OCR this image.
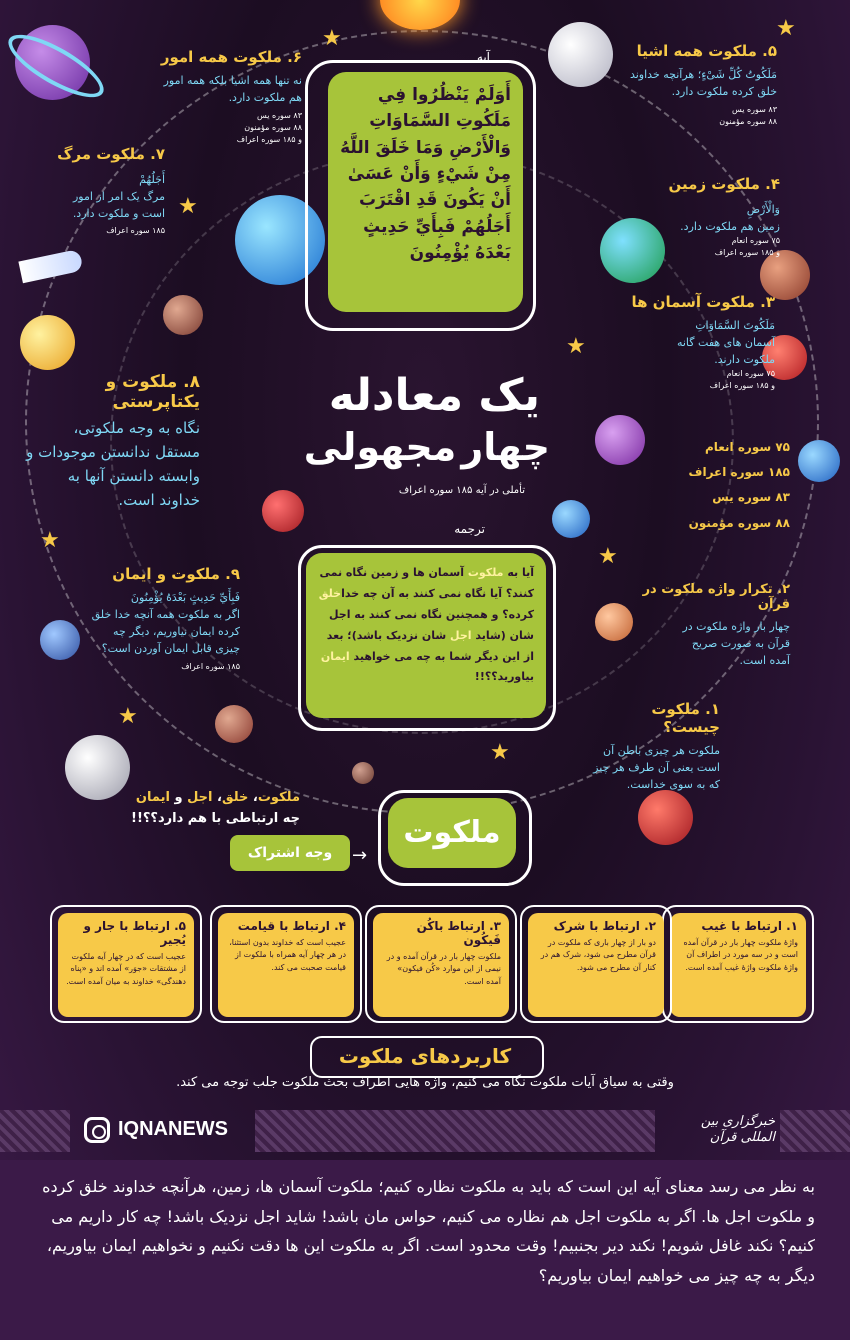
★	★
★
★
★
★
★
★
آیه
أَوَلَمْ يَنْظُرُوا فِي مَلَكُوتِ السَّمَاوَاتِ وَالْأَرْضِ وَمَا خَلَقَ اللَّهُ مِنْ شَيْءٍ وَأَنْ عَسَىٰ أَنْ يَكُونَ قَدِ اقْتَرَبَ أَجَلُهُمْ فَبِأَيِّ حَدِيثٍ بَعْدَهُ يُؤْمِنُونَ
۶. ملکوت همه امور
نه تنها همه اشیا بلکه همه امور هم ملکوت دارد.
۸۳ سوره یس
۸۸ سوره مؤمنون
و ۱۸۵ سوره اعراف
۵. ملکوت همه اشیا
مَلَکُوتُ کُلِّ شَیْءٍ؛ هرآنچه خداوند خلق کرده ملکوت دارد.
۸۳ سوره یس
۸۸ سوره مؤمنون
۷. ملکوت مرگ
أَجَلُهُمْ
مرگ یک امر از امور است و ملکوت دارد.
۱۸۵ سوره اعراف
۴. ملکوت زمین
وَالْأَرْضِ
زمین هم ملکوت دارد.
۷۵ سوره انعام
و ۱۸۵ سوره اعراف
۳. ملکوت آسمان ها
مَلَکُوتَ السَّمَاوَاتِ
آسمان های هفت گانه ملکوت دارند.
۷۵ سوره انعام
و ۱۸۵ سوره اعراف
۸. ملکوت و یکتاپرستی
نگاه به وجه ملکوتی، مستقل ندانستن موجودات و وابسته دانستن آنها به خداوند است.
یک معادله
چهار مجهولی
تأملی در آیه ۱۸۵ سوره اعراف
۷۵ سوره انعام
۱۸۵ سوره اعراف
۸۳ سوره یس
۸۸ سوره مؤمنون
۹. ملکوت و ایمان
فَبِأَيِّ حَدِيثٍ بَعْدَهُ يُؤْمِنُونَ
اگر به ملکوت همه آنچه خدا خلق کرده ایمان نیاوریم، دیگر چه چیزی قابل ایمان آوردن است؟
۱۸۵ سوره اعراف
ترجمه
آیا به ملکوت آسمان ها و زمین نگاه نمی کنند؟ آیا نگاه نمی کنند به آن چه خداخلق کرده؟ و همچنین نگاه نمی کنند به اجل شان (شاید اجل شان نزدیک باشد)؛ بعد از این دیگر شما به چه می خواهید ایمان بیاورید؟؟!!
۲. تکرار واژه ملکوت در قرآن
چهار بار واژه ملکوت در قرآن به صورت صریح آمده است.
۱. ملکوت چیست؟
ملکوت هر چیزی باطن آن است یعنی آن طرف هر چیز که به سوی خداست.
ملکوت، خلق، اجل و ایمان
چه ارتباطی با هم دارد؟؟!!
وجه اشتراک	→
ملکوت
۱. ارتباط با غیب
واژۀ ملکوت چهار بار در قرآن آمده است و در سه مورد در اطراف آن واژۀ ملکوت واژۀ غیب آمده است.
۲. ارتباط با شرک
دو بار از چهار باری که ملکوت در قرآن مطرح می شود، شرک هم در کنار آن مطرح می شود.
۳. ارتباط باکُن فَیکُون
ملکوت چهار بار در قرآن آمده و در نیمی از این موارد «کُن فیکون» آمده است.
۴. ارتباط با قیامت
عجیب است که خداوند بدون استثنا، در هر چهار آیه همراه با ملکوت از قیامت صحبت می کند.
۵. ارتباط با جار و یُجیر
عجیب است که در چهار آیه ملکوت از مشتقات «جوَر» آمده اند و «پناه دهندگی» خداوند به میان آمده است.
کاربردهای ملکوت
وقتی به سیاق آیات ملکوت نگاه می کنیم، واژه هایی اطراف بحث ملکوت جلب توجه می کند.
IQNANEWS	خبرگزاری بین المللی قرآن
به نظر می رسد معنای آیه این است که باید به ملکوت نظاره کنیم؛ ملکوت آسمان ها، زمین، هرآنچه خداوند خلق کرده و ملکوت اجل ها. اگر به ملکوت اجل هم نظاره می کنیم، حواس مان باشد! شاید اجل نزدیک باشد! چه کار داریم می کنیم؟ نکند غافل شویم! نکند دیر بجنبیم! وقت محدود است. اگر به ملکوت این ها دقت نکنیم و نخواهیم ایمان بیاوریم، دیگر به چه چیز می خواهیم ایمان بیاوریم؟
